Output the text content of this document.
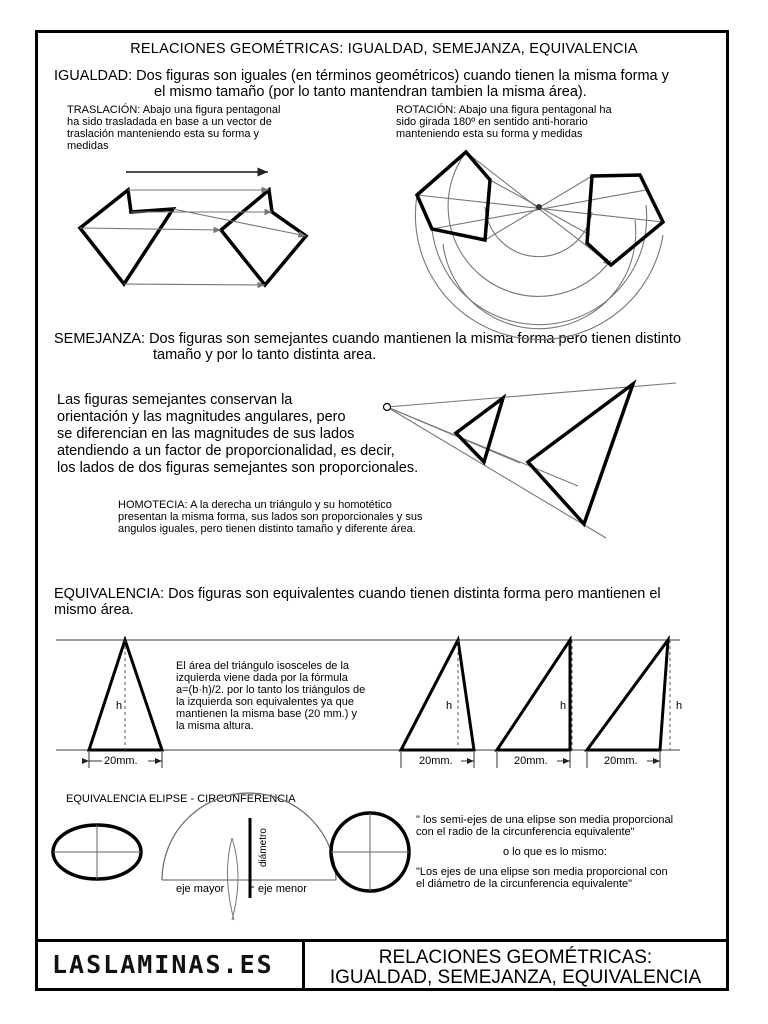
RELACIONES GEOMÉTRICAS: IGUALDAD, SEMEJANZA, EQUIVALENCIA
IGUALDAD: Dos figuras son iguales (en términos geométricos) cuando tienen la misma forma y
el mismo tamaño (por lo tanto mantendran tambien la misma área).
TRASLACIÓN: Abajo una figura pentagonal
ha sido trasladada en base a un vector de
traslación manteniendo esta su forma y
medidas
ROTACIÓN: Abajo una figura pentagonal ha
sido girada 180º en sentido anti-horario
manteniendo esta su forma y medidas
SEMEJANZA: Dos figuras son semejantes cuando mantienen la misma forma pero tienen distinto
tamaño y por lo tanto distinta area.
Las figuras semejantes conservan la
orientación y las magnitudes angulares, pero
se diferencian en las magnitudes de sus lados
atendiendo a un factor de proporcionalidad, es decir,
los lados de dos figuras semejantes son proporcionales.
HOMOTECIA: A la derecha un triángulo y su homotético
presentan la misma forma, sus lados son proporcionales y sus
angulos iguales, pero tienen distinto tamaño y diferente área.
EQUIVALENCIA: Dos figuras son equivalentes cuando tienen distinta forma pero mantienen el
mismo área.
El área del triángulo isosceles de la
izquierda viene dada por la fórmula
a=(b·h)/2. por lo tanto los triángulos de
la izquierda son equivalentes ya que
mantienen la misma base (20 mm.) y
la misma altura.
20mm.	20mm.	20mm.	20mm.
h	h	h	h
EQUIVALENCIA ELIPSE - CIRCUNFERENCIA
eje mayor	eje menor
diámetro
" los semi-ejes de una elipse son media proporcional
con el radio de la circunferencia equivalente"
o lo que es lo mismo:
"Los ejes de una elipse son media proporcional con
el diámetro de la circunferencia equivalente"
LASLAMINAS.ES	RELACIONES GEOMÉTRICAS:
IGUALDAD, SEMEJANZA, EQUIVALENCIA
